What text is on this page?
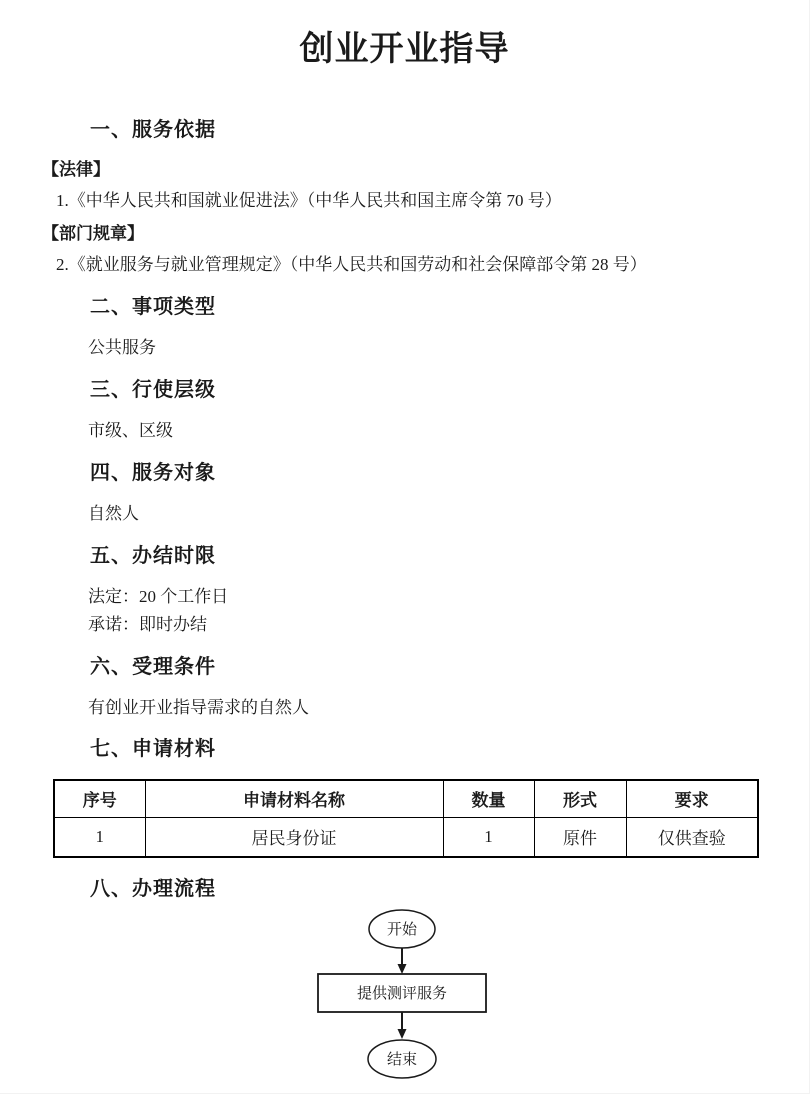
创业开业指导
一、服务依据
【法律】
1.《中华人民共和国就业促进法》（中华人民共和国主席令第 70 号）
【部门规章】
2.《就业服务与就业管理规定》（中华人民共和国劳动和社会保障部令第 28 号）
二、事项类型
公共服务
三、行使层级
市级、区级
四、服务对象
自然人
五、办结时限
法定：20 个工作日
承诺：即时办结
六、受理条件
有创业开业指导需求的自然人
七、申请材料
序号	申请材料名称	数量	形式	要求
1	居民身份证	1	原件	仅供查验
八、办理流程
开始
提供测评服务
结束
